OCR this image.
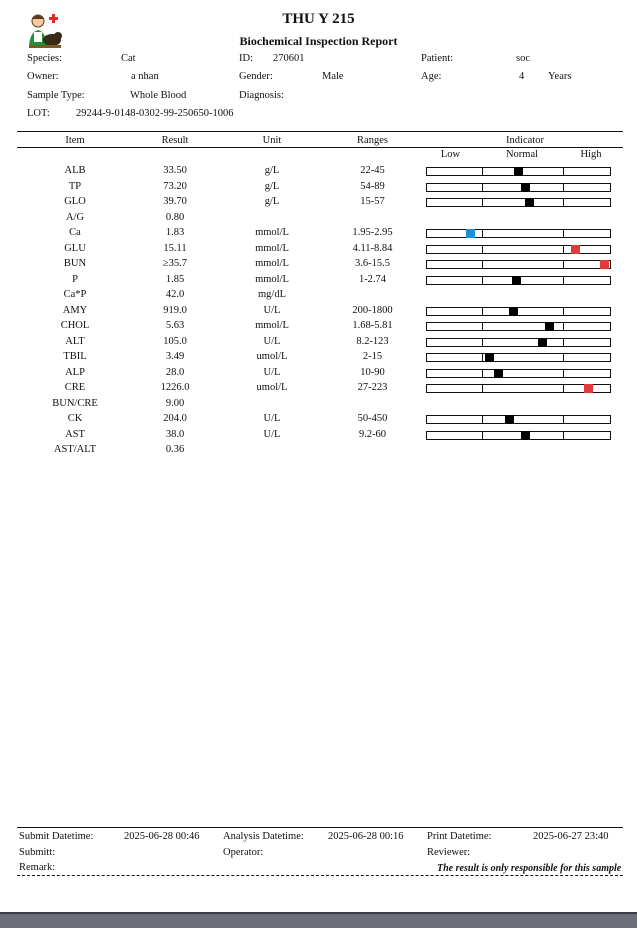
THU Y 215
Biochemical Inspection Report
Species:	Cat	ID: 270601	Patient:	soc
Owner:	a nhan	Gender:	Male	Age:	4 Years
Sample Type:	Whole Blood	Diagnosis:
LOT: 29244-9-0148-0302-99-250650-1006
Item	Result	Unit	Ranges	Indicator
Low	Normal	High
ALB	33.50	g/L	22-45
TP	73.20	g/L	54-89
GLO	39.70	g/L	15-57
A/G	0.80
Ca	1.83	mmol/L	1.95-2.95
GLU	15.11	mmol/L	4.11-8.84
BUN	≥35.7	mmol/L	3.6-15.5
P	1.85	mmol/L	1-2.74
Ca*P	42.0	mg/dL
AMY	919.0	U/L	200-1800
CHOL	5.63	mmol/L	1.68-5.81
ALT	105.0	U/L	8.2-123
TBIL	3.49	umol/L	2-15
ALP	28.0	U/L	10-90
CRE	1226.0	umol/L	27-223
BUN/CRE	9.00
CK	204.0	U/L	50-450
AST	38.0	U/L	9.2-60
AST/ALT	0.36
Submit Datetime:	2025-06-28 00:46 Analysis Datetime: 2025-06-28 00:16 Print Datetime:	2025-06-27 23:40
Submitt:	Operator:	Reviewer:
Remark:	The result is only responsible for this sample
